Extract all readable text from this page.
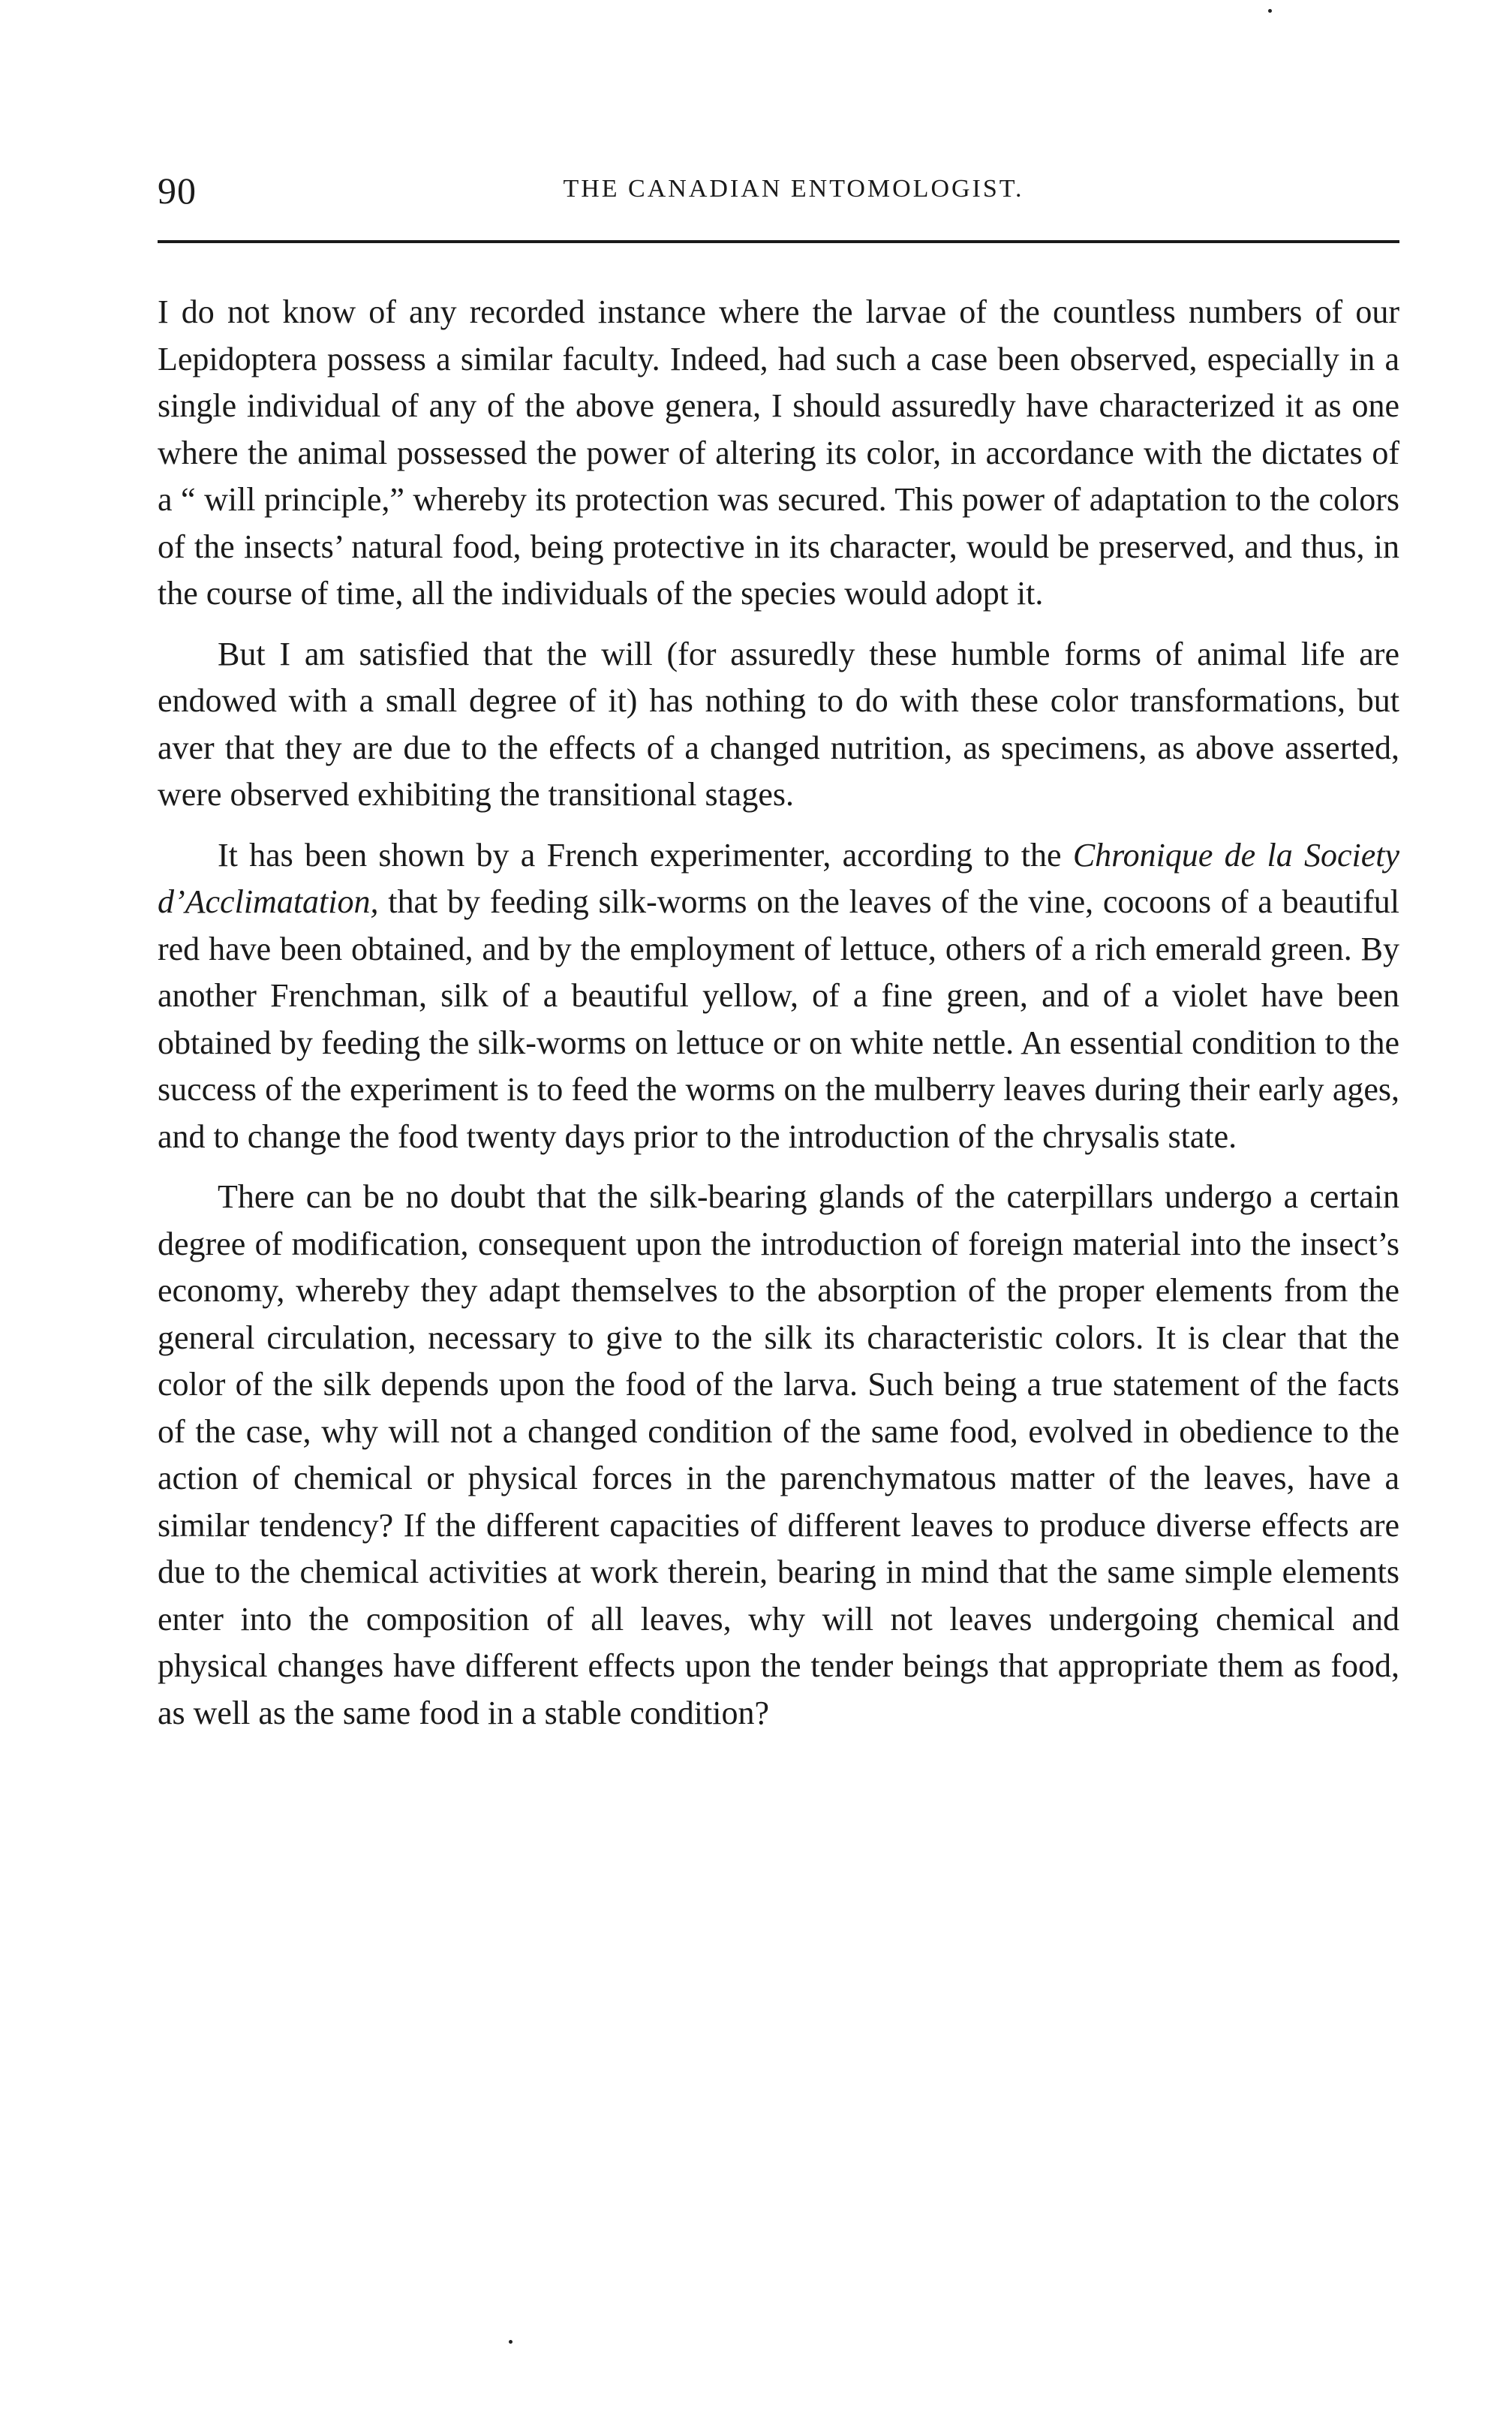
90	THE CANADIAN ENTOMOLOGIST.

I do not know of any recorded instance where the larvae of the countless numbers of our Lepidoptera possess a similar faculty. Indeed, had such a case been observed, especially in a single individual of any of the above genera, I should assuredly have characterized it as one where the animal possessed the power of altering its color, in accordance with the dictates of a “ will principle,” whereby its protection was secured. This power of adaptation to the colors of the insects’ natural food, being protective in its character, would be preserved, and thus, in the course of time, all the individuals of the species would adopt it.

But I am satisfied that the will (for assuredly these humble forms of animal life are endowed with a small degree of it) has nothing to do with these color transformations, but aver that they are due to the effects of a changed nutrition, as specimens, as above asserted, were observed exhibiting the transitional stages.

It has been shown by a French experimenter, according to the Chronique de la Society d’Acclimatation, that by feeding silk-worms on the leaves of the vine, cocoons of a beautiful red have been obtained, and by the employment of lettuce, others of a rich emerald green. By another Frenchman, silk of a beautiful yellow, of a fine green, and of a violet have been obtained by feeding the silk-worms on lettuce or on white nettle. An essential condition to the success of the experiment is to feed the worms on the mulberry leaves during their early ages, and to change the food twenty days prior to the introduction of the chrysalis state.

There can be no doubt that the silk-bearing glands of the caterpillars undergo a certain degree of modification, consequent upon the introduction of foreign material into the insect’s economy, whereby they adapt themselves to the absorption of the proper elements from the general circulation, necessary to give to the silk its characteristic colors. It is clear that the color of the silk depends upon the food of the larva. Such being a true statement of the facts of the case, why will not a changed condition of the same food, evolved in obedience to the action of chemical or physical forces in the parenchymatous matter of the leaves, have a similar tendency? If the different capacities of different leaves to produce diverse effects are due to the chemical activities at work therein, bearing in mind that the same simple elements enter into the composition of all leaves, why will not leaves undergoing chemical and physical changes have different effects upon the tender beings that appropriate them as food, as well as the same food in a stable condition?
